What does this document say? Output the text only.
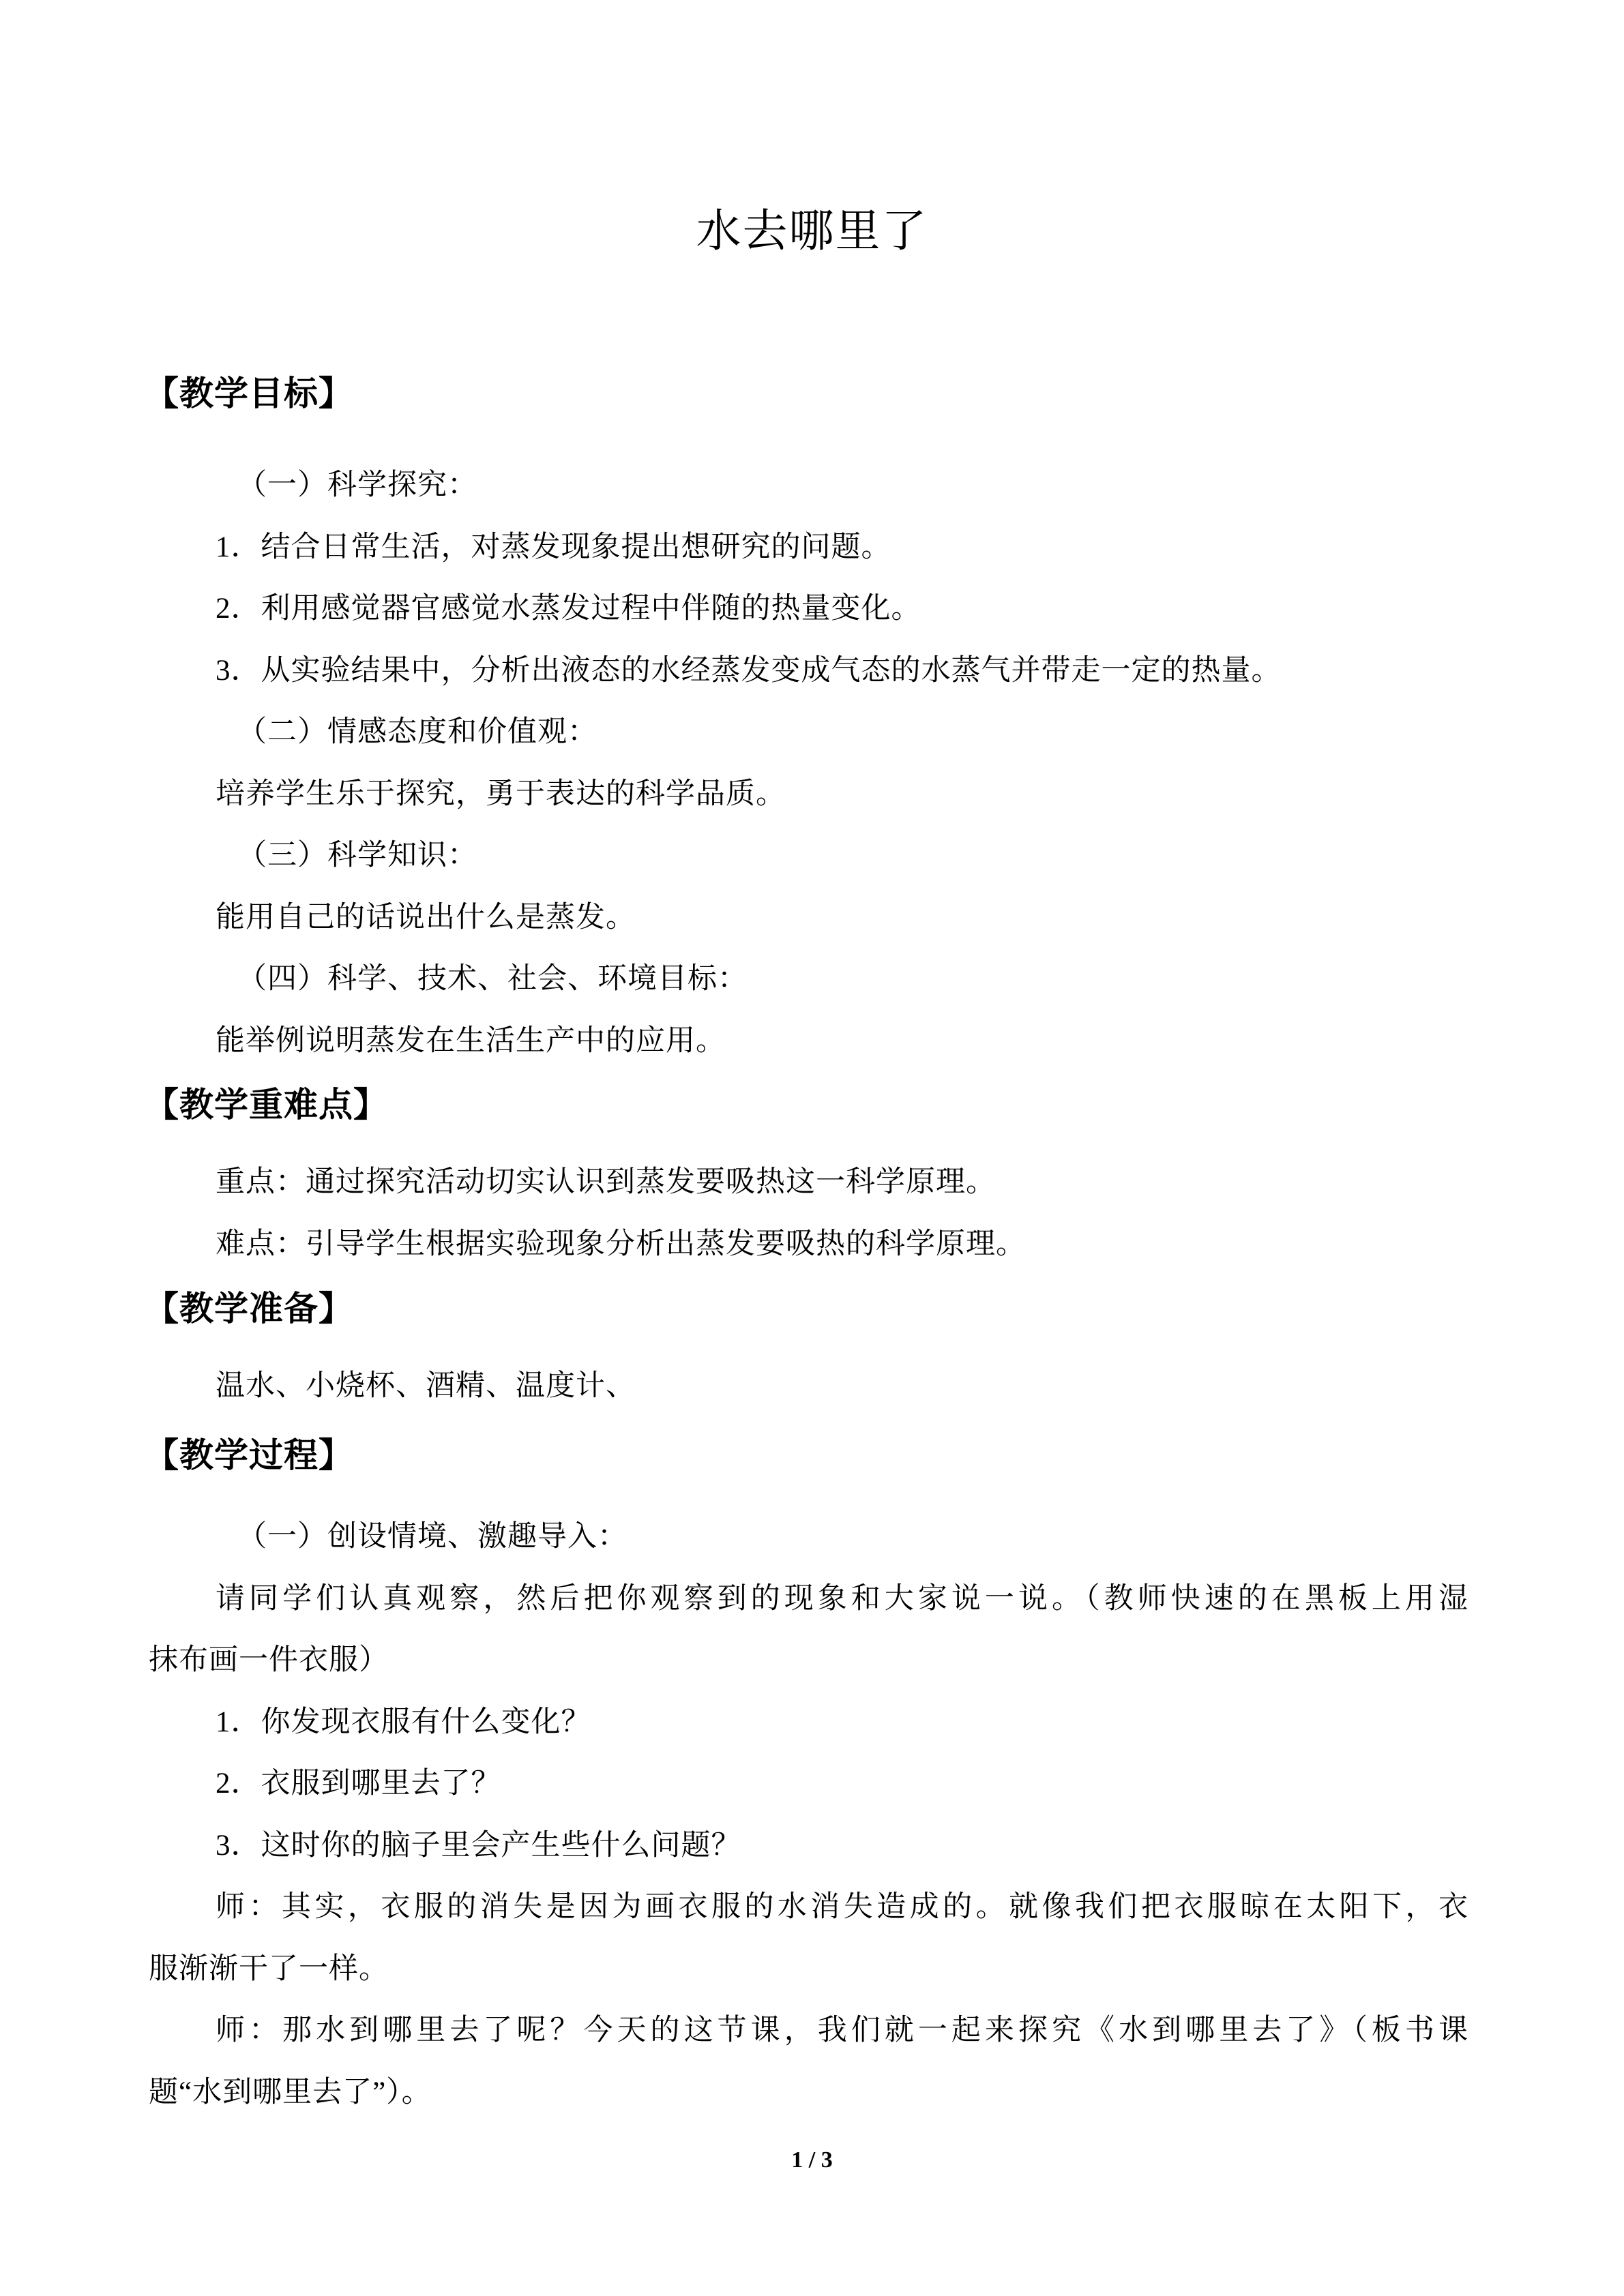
水去哪里了
【教学目标】
（一）科学探究：
1．结合日常生活，对蒸发现象提出想研究的问题。
2．利用感觉器官感觉水蒸发过程中伴随的热量变化。
3．从实验结果中，分析出液态的水经蒸发变成气态的水蒸气并带走一定的热量。
（二）情感态度和价值观：
培养学生乐于探究，勇于表达的科学品质。
（三）科学知识：
能用自己的话说出什么是蒸发。
（四）科学、技术、社会、环境目标：
能举例说明蒸发在生活生产中的应用。
【教学重难点】
重点：通过探究活动切实认识到蒸发要吸热这一科学原理。
难点：引导学生根据实验现象分析出蒸发要吸热的科学原理。
【教学准备】
温水、小烧杯、酒精、温度计、
【教学过程】
（一）创设情境、激趣导入：
请同学们认真观察，然后把你观察到的现象和大家说一说。（教师快速的在黑板上用湿
抹布画一件衣服）
1．你发现衣服有什么变化？
2．衣服到哪里去了？
3．这时你的脑子里会产生些什么问题？
师：其实，衣服的消失是因为画衣服的水消失造成的。就像我们把衣服晾在太阳下，衣
服渐渐干了一样。
师：那水到哪里去了呢？今天的这节课，我们就一起来探究《水到哪里去了》（板书课
题“水到哪里去了”）。
1 / 3
